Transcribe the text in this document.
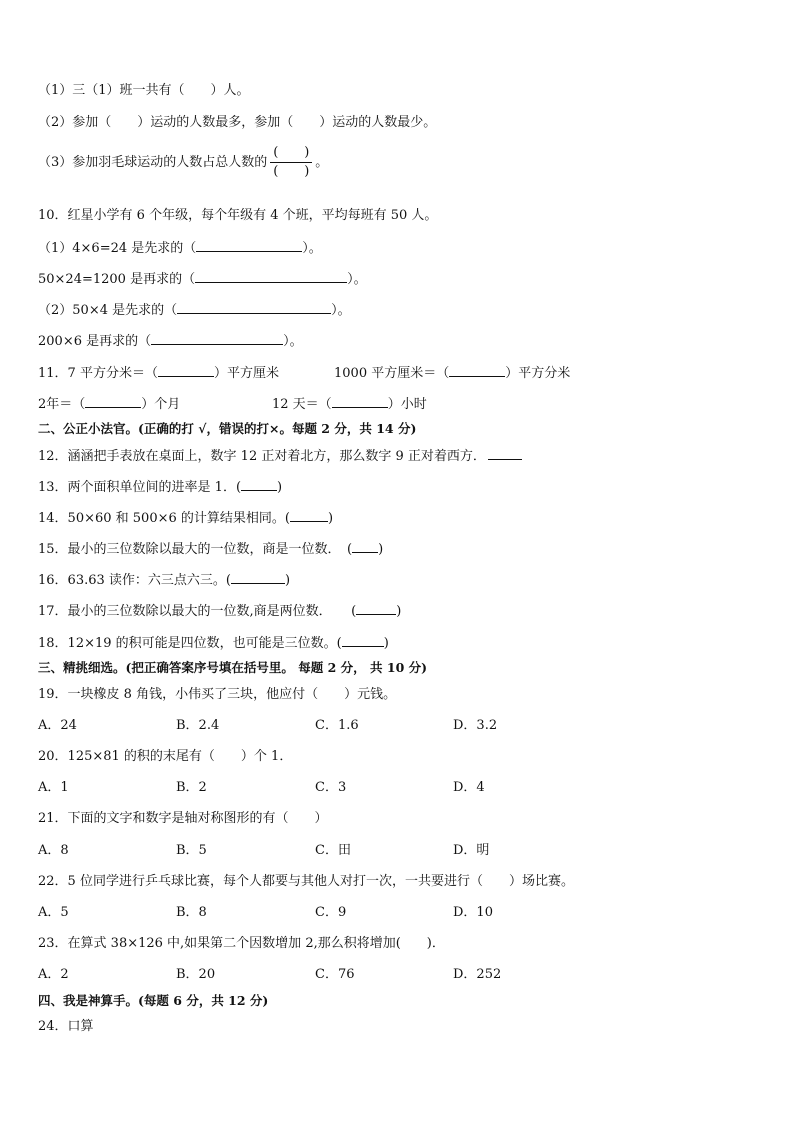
（1）三（1）班一共有（　　）人。
（2）参加（　　）运动的人数最多，参加（　　）运动的人数最少。
（3）参加羽毛球运动的人数占总人数的 $\frac{( )}{( )}$ 。
10．红星小学有 6 个年级，每个年级有 4 个班，平均每班有 50 人。
（1）4×6=24 是先求的（	）。
50×24=1200 是再求的（	）。
（2）50×4 是先求的（	）。
200×6 是再求的（	）。
11．7 平方分米＝（	）平方厘米	1000 平方厘米＝（	）平方分米
2年＝（	）个月	12 天＝（	）小时
二、公正小法官。(正确的打 √，错误的打×。每题 2 分，共 14 分)
12．涵涵把手表放在桌面上，数字 12 正对着北方，那么数字 9 正对着西方．
13．两个面积单位间的进率是 1．(	)
14．50×60 和 500×6 的计算结果相同。(	)
15．最小的三位数除以最大的一位数，商是一位数．　( )
16．63.63 读作：六三点六三。(	)
17．最小的三位数除以最大的一位数,商是两位数．　　(	)
18．12×19 的积可能是四位数，也可能是三位数。(	)
三、精挑细选。(把正确答案序号填在括号里。 每题 2 分， 共 10 分)
19．一块橡皮 8 角钱，小伟买了三块，他应付（　　）元钱。
A．24	B．2.4	C．1.6	D．3.2
20．125×81 的积的末尾有（　　）个 1．
A．1	B．2	C．3	D．4
21．下面的文字和数字是轴对称图形的有（　　）
A．8	B．5	C．田	D．明
22．5 位同学进行乒乓球比赛，每个人都要与其他人对打一次，一共要进行（　　）场比赛。
A．5	B．8	C．9	D．10
23．在算式 38×126 中,如果第二个因数增加 2,那么积将增加(　　)．
A．2	B．20	C．76	D．252
四、我是神算手。(每题 6 分，共 12 分)
24．口算
